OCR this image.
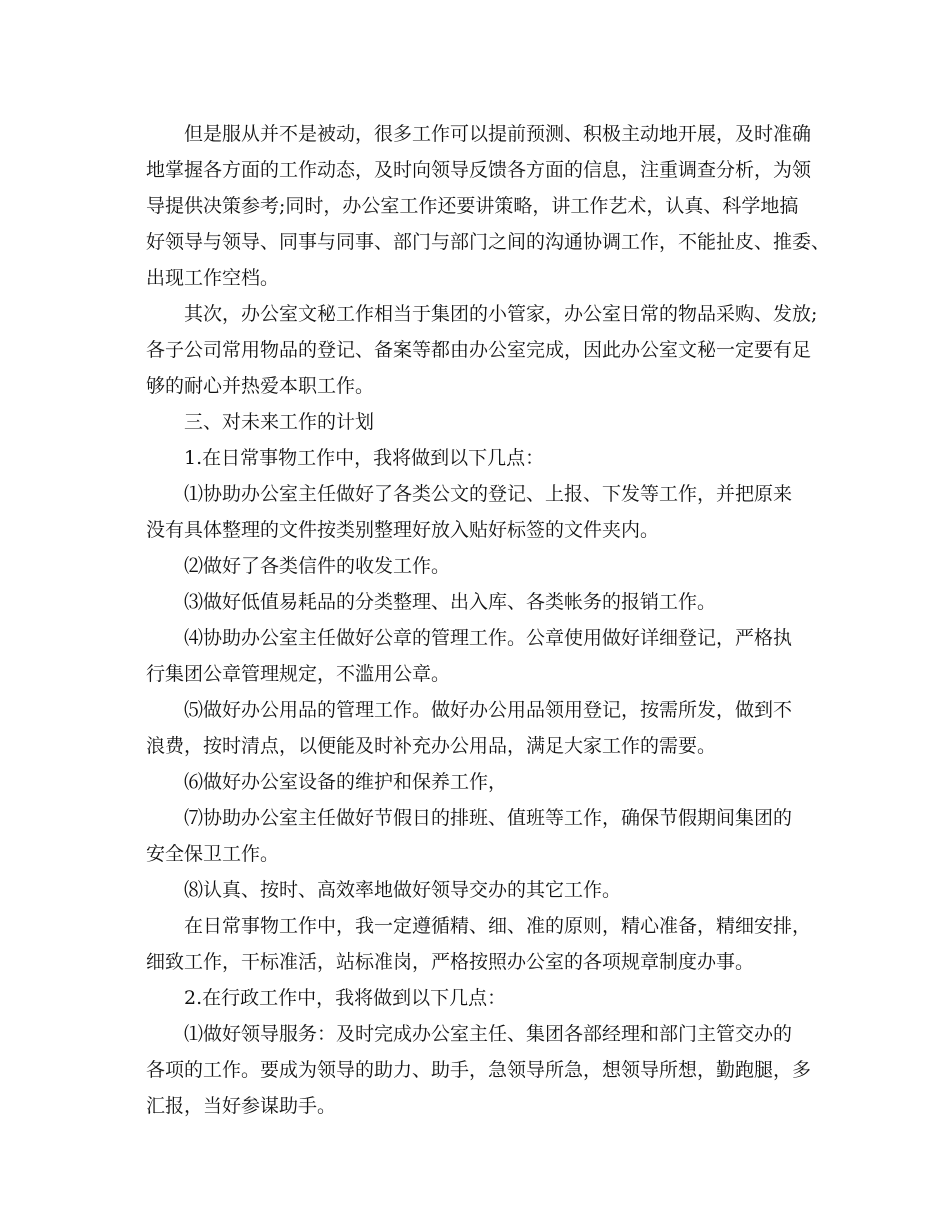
但是服从并不是被动，很多工作可以提前预测、积极主动地开展，及时准确
地掌握各方面的工作动态，及时向领导反馈各方面的信息，注重调查分析，为领
导提供决策参考;同时，办公室工作还要讲策略，讲工作艺术，认真、科学地搞
好领导与领导、同事与同事、部门与部门之间的沟通协调工作，不能扯皮、推委、
出现工作空档。
其次，办公室文秘工作相当于集团的小管家，办公室日常的物品采购、发放;
各子公司常用物品的登记、备案等都由办公室完成，因此办公室文秘一定要有足
够的耐心并热爱本职工作。
三、对未来工作的计划
1.在日常事物工作中，我将做到以下几点：
⑴协助办公室主任做好了各类公文的登记、上报、下发等工作，并把原来
没有具体整理的文件按类别整理好放入贴好标签的文件夹内。
⑵做好了各类信件的收发工作。
⑶做好低值易耗品的分类整理、出入库、各类帐务的报销工作。
⑷协助办公室主任做好公章的管理工作。公章使用做好详细登记，严格执
行集团公章管理规定，不滥用公章。
⑸做好办公用品的管理工作。做好办公用品领用登记，按需所发，做到不
浪费，按时清点，以便能及时补充办公用品，满足大家工作的需要。
⑹做好办公室设备的维护和保养工作，
⑺协助办公室主任做好节假日的排班、值班等工作，确保节假期间集团的
安全保卫工作。
⑻认真、按时、高效率地做好领导交办的其它工作。
在日常事物工作中，我一定遵循精、细、准的原则，精心准备，精细安排，
细致工作，干标准活，站标准岗，严格按照办公室的各项规章制度办事。
2.在行政工作中，我将做到以下几点：
⑴做好领导服务：及时完成办公室主任、集团各部经理和部门主管交办的
各项的工作。要成为领导的助力、助手，急领导所急，想领导所想，勤跑腿，多
汇报，当好参谋助手。
